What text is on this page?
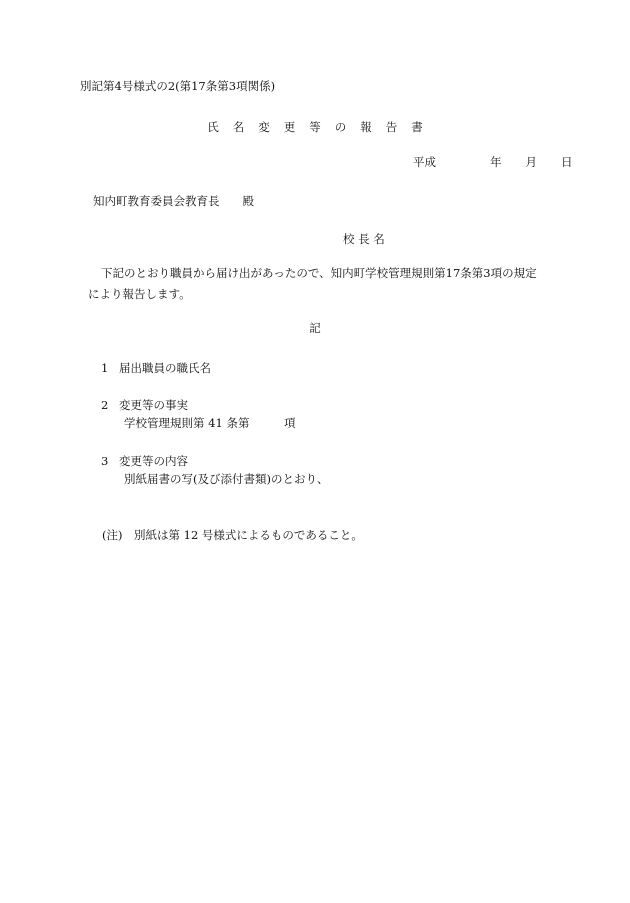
別記第4号様式の2(第17条第3項関係)
氏 名 変 更 等 の 報 告 書
平成	年 月 日
知内町教育委員会教育長　　殿
校 長 名
下記のとおり職員から届け出があったので、知内町学校管理規則第17条第3項の規定
により報告します。
記
1 届出職員の職氏名
2 変更等の事実
学校管理規則第 41 条第　　　項
3 変更等の内容
別紙届書の写(及び添付書類)のとおり、
(注)　別紙は第 12 号様式によるものであること。
